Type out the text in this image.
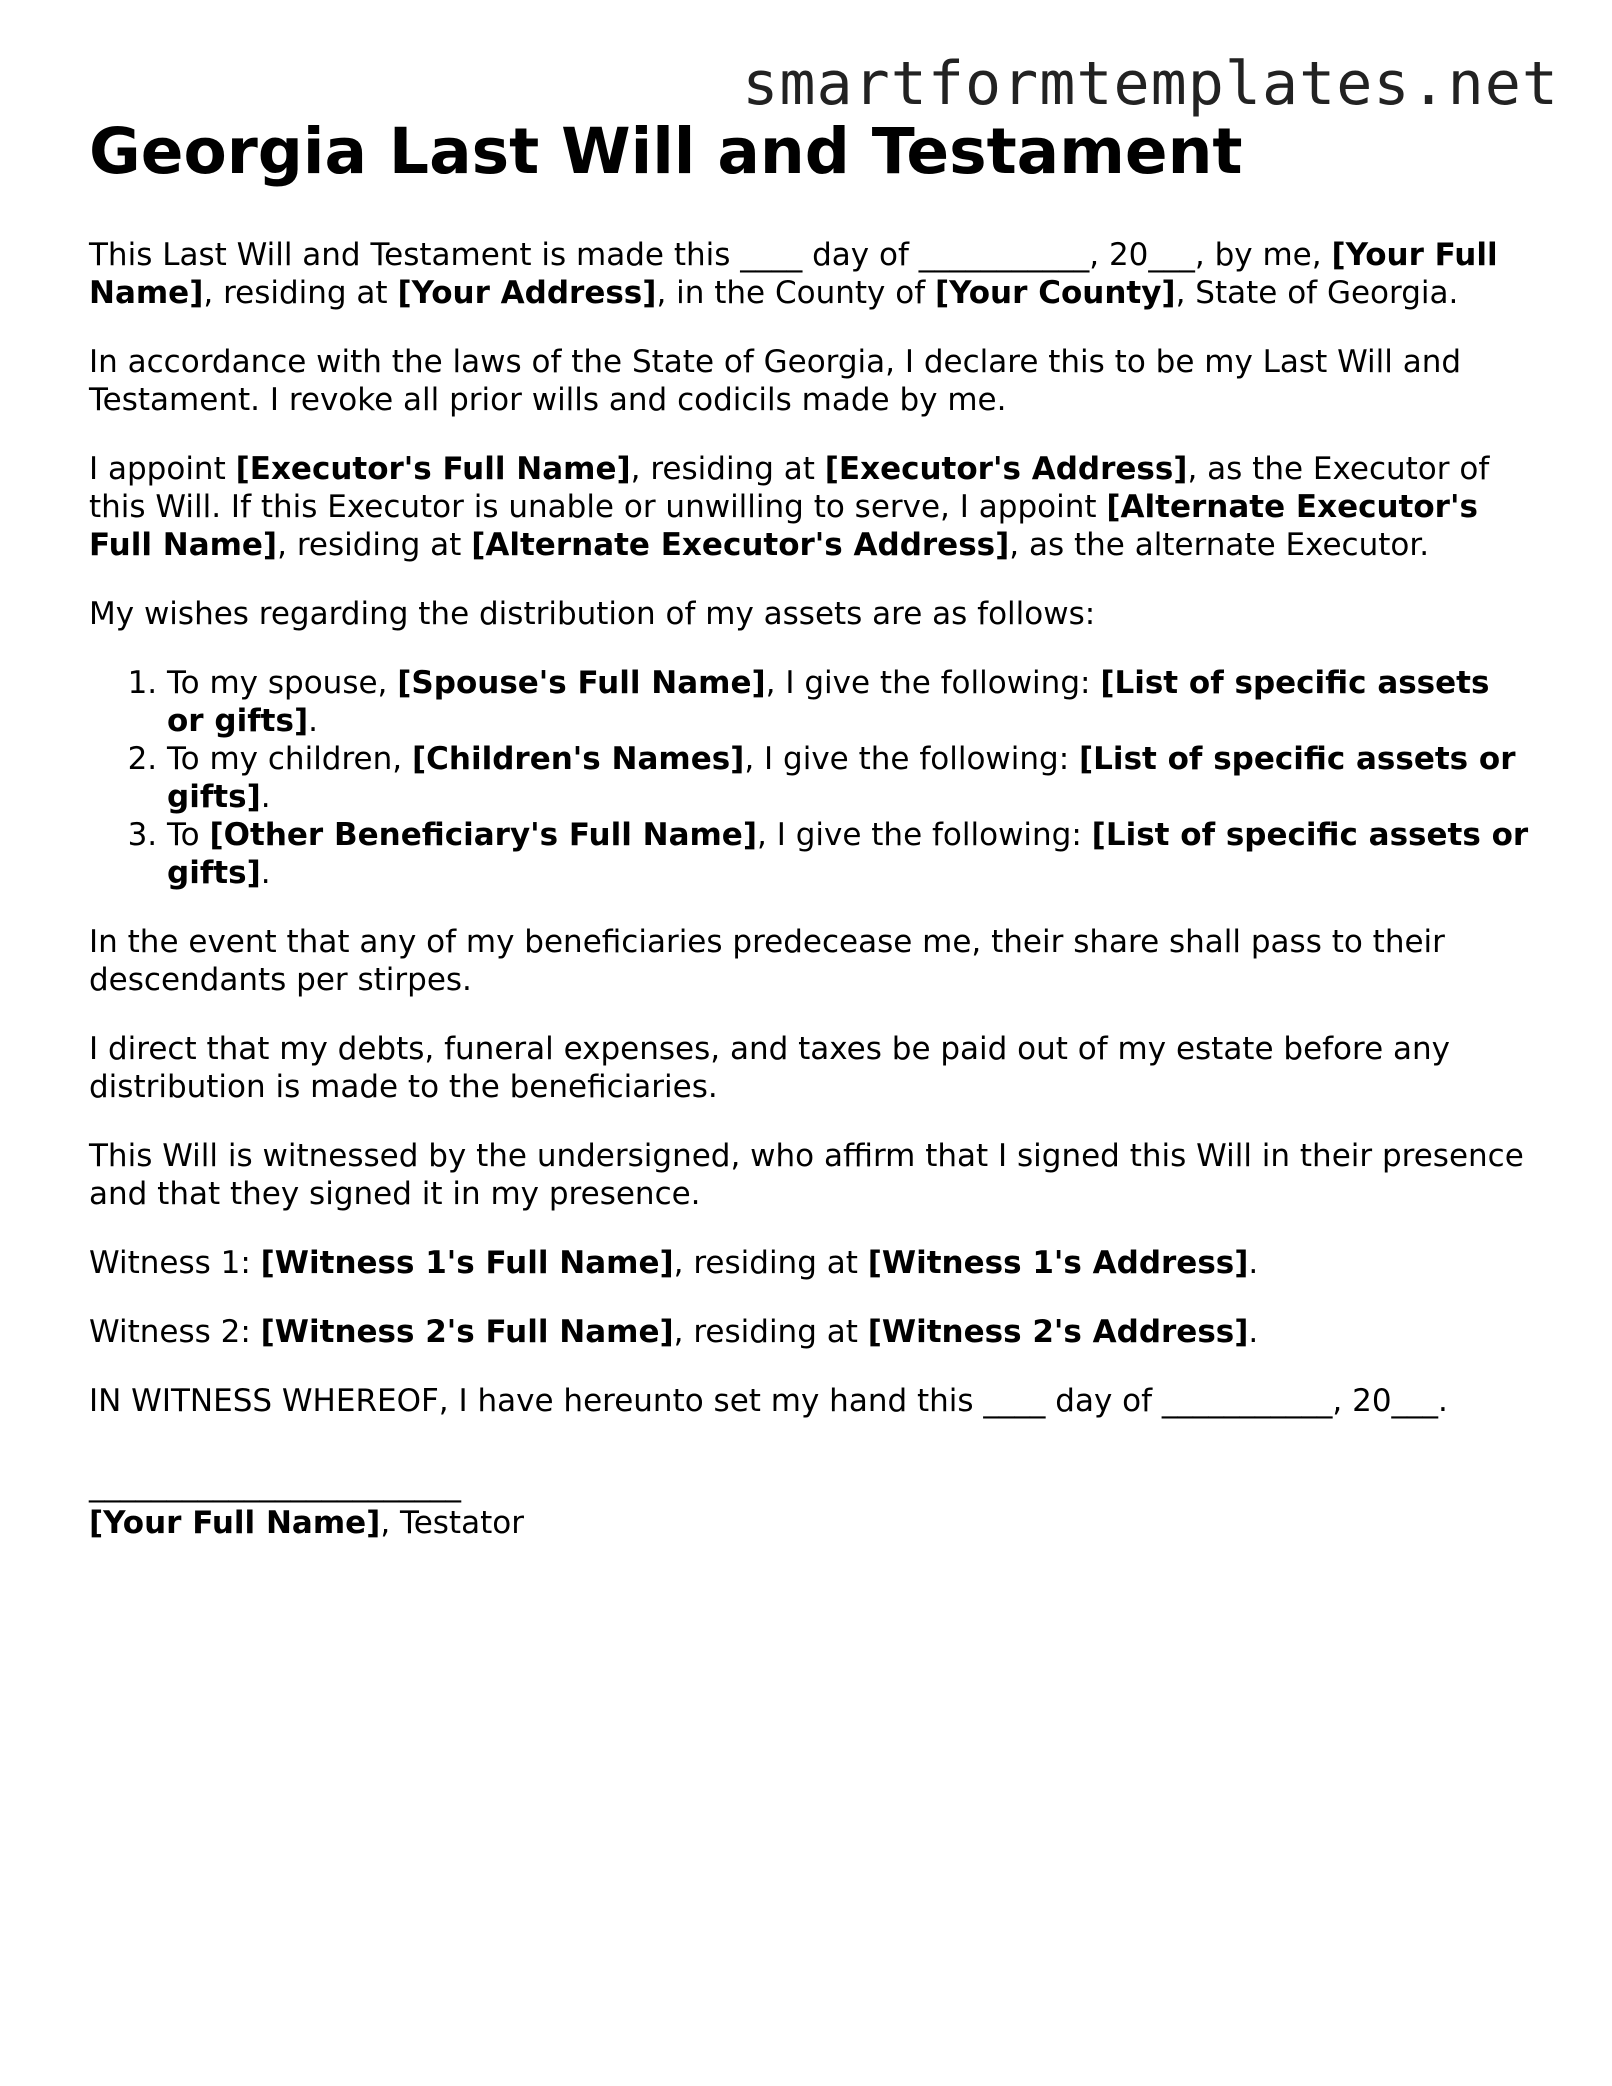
smartformtemplates.net
Georgia Last Will and Testament

This Last Will and Testament is made this ____ day of ___________, 20___, by me, [Your Full Name], residing at [Your Address], in the County of [Your County], State of Georgia.

In accordance with the laws of the State of Georgia, I declare this to be my Last Will and Testament. I revoke all prior wills and codicils made by me.

I appoint [Executor's Full Name], residing at [Executor's Address], as the Executor of this Will. If this Executor is unable or unwilling to serve, I appoint [Alternate Executor's Full Name], residing at [Alternate Executor's Address], as the alternate Executor.

My wishes regarding the distribution of my assets are as follows:

1. To my spouse, [Spouse's Full Name], I give the following: [List of specific assets or gifts].
2. To my children, [Children's Names], I give the following: [List of specific assets or gifts].
3. To [Other Beneficiary's Full Name], I give the following: [List of specific assets or gifts].

In the event that any of my beneficiaries predecease me, their share shall pass to their descendants per stirpes.

I direct that my debts, funeral expenses, and taxes be paid out of my estate before any distribution is made to the beneficiaries.

This Will is witnessed by the undersigned, who affirm that I signed this Will in their presence and that they signed it in my presence.

Witness 1: [Witness 1's Full Name], residing at [Witness 1's Address].

Witness 2: [Witness 2's Full Name], residing at [Witness 2's Address].

IN WITNESS WHEREOF, I have hereunto set my hand this ____ day of ___________, 20___.

________________________
[Your Full Name], Testator
